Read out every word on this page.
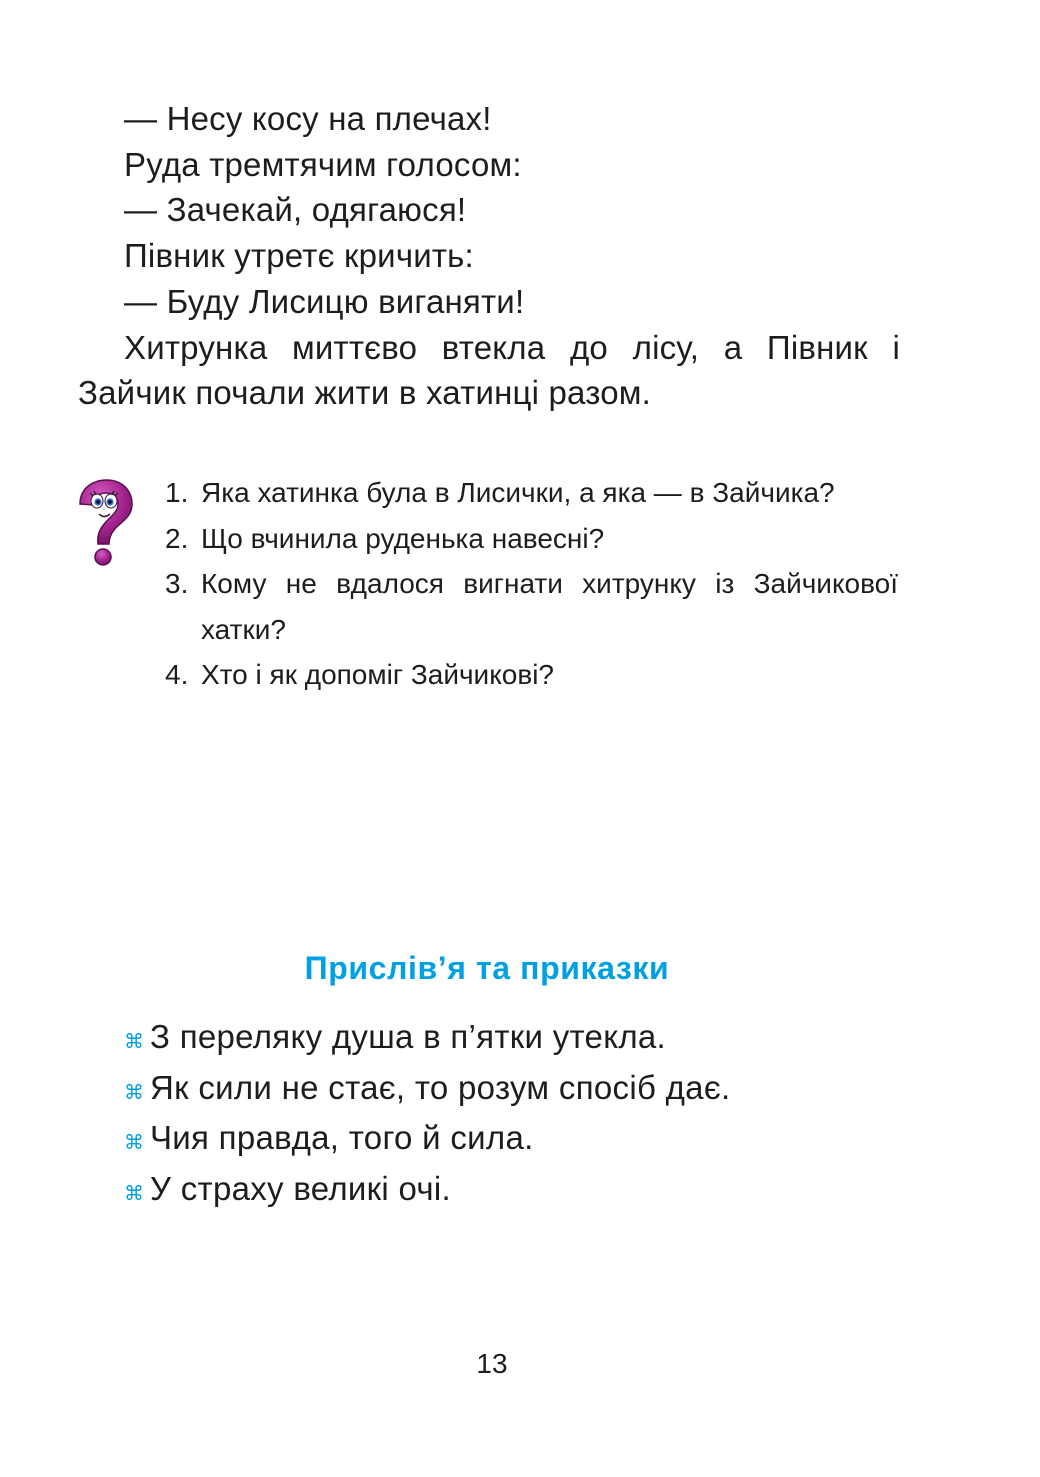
— Несу косу на плечах!

Руда тремтячим голосом:

— Зачекай, одягаюся!

Півник утретє кричить:

— Буду Лисицю виганяти!

Хитрунка миттєво втекла до лісу, а Півник і Зайчик почали жити в хатинці разом.

1. Яка хатинка була в Лисички, а яка — в Зайчика?
2. Що вчинила руденька навесні?
3. Кому не вдалося вигнати хитрунку із Зайчикової хатки?
4. Хто і як допоміг Зайчикові?
Прислів’я та приказки
⌘ З переляку душа в п’ятки утекла.
⌘ Як сили не стає, то розум спосіб дає.
⌘ Чия правда, того й сила.
⌘ У страху великі очі.
13
